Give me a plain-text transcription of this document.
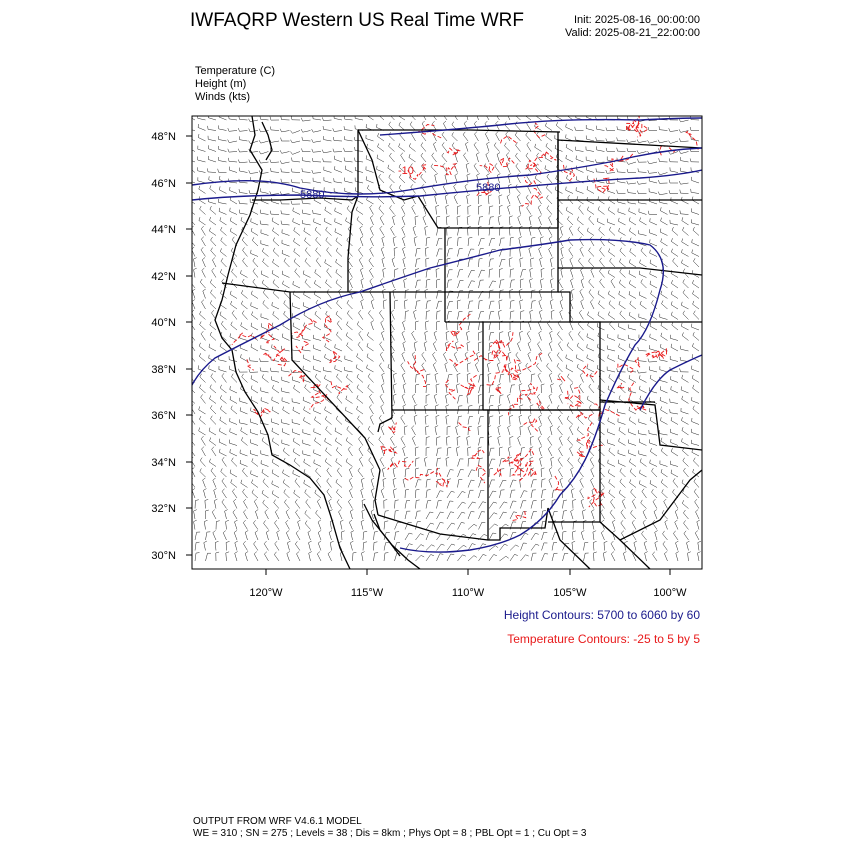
IWFAQRP Western US Real Time WRF	Init: 2025-08-16_00:00:00
Valid: 2025-08-21_22:00:00
Temperature (C)
Height (m)
Winds (kts)
5880
5880
-10
48°N
46°N
44°N
42°N
40°N
38°N
36°N
34°N
32°N
30°N
120°W	115°W	110°W	105°W	100°W
Height Contours: 5700 to 6060 by 60
Temperature Contours: -25 to 5 by 5
OUTPUT FROM WRF V4.6.1 MODEL
WE = 310 ; SN = 275 ; Levels = 38 ; Dis = 8km ; Phys Opt = 8 ; PBL Opt = 1 ; Cu Opt = 3
